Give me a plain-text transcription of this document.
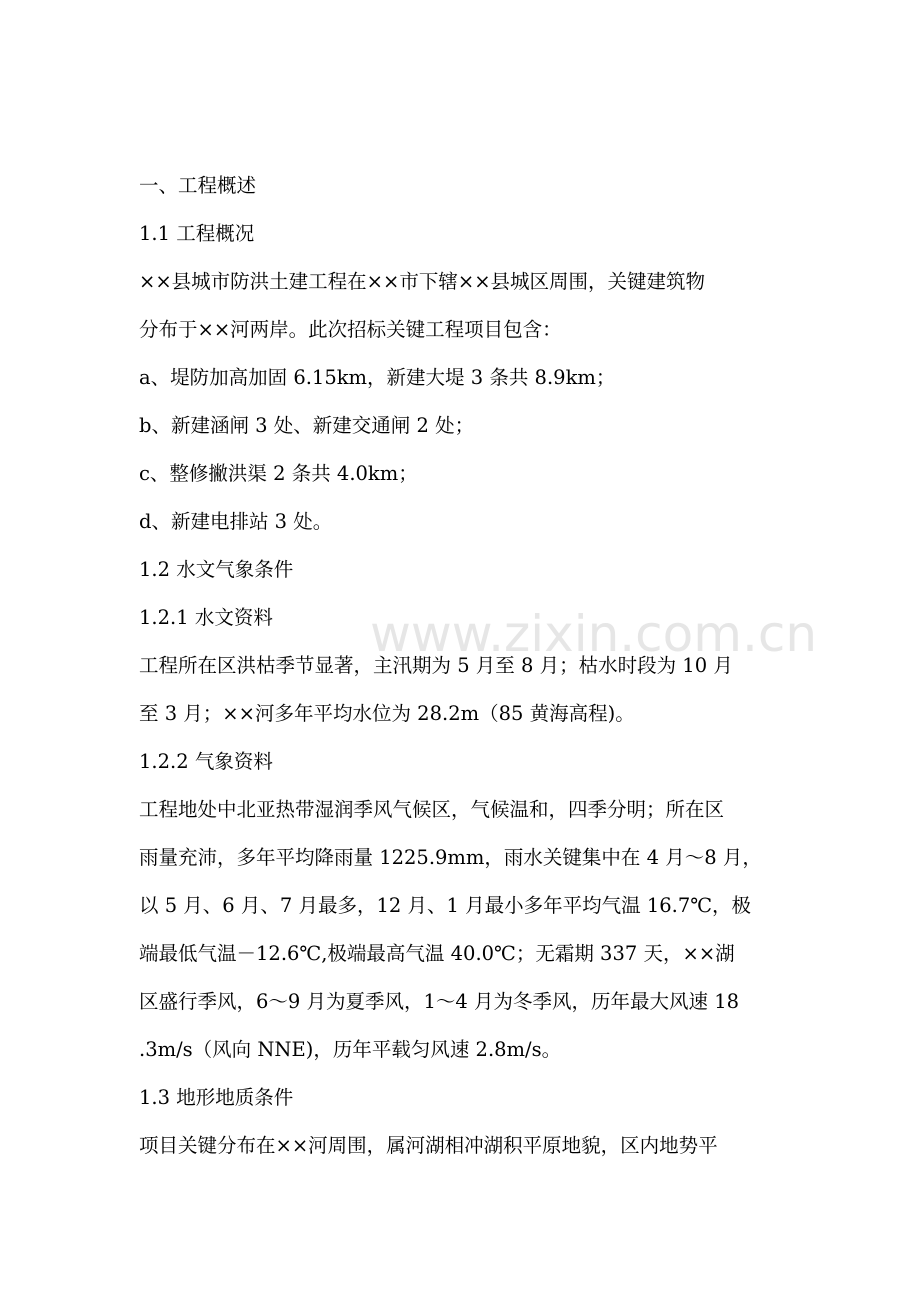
www.zixin.com.cn
一、工程概述
1.1 工程概况
××县城市防洪土建工程在××市下辖××县城区周围，关键建筑物
分布于××河两岸。此次招标关键工程项目包含：
a、堤防加高加固 6.15km，新建大堤 3 条共 8.9km；
b、新建涵闸 3 处、新建交通闸 2 处；
c、整修撇洪渠 2 条共 4.0km；
d、新建电排站 3 处。
1.2 水文气象条件
1.2.1 水文资料
工程所在区洪枯季节显著，主汛期为 5 月至 8 月；枯水时段为 10 月
至 3 月；××河多年平均水位为 28.2m（85 黄海高程)。
1.2.2 气象资料
工程地处中北亚热带湿润季风气候区，气候温和，四季分明；所在区
雨量充沛，多年平均降雨量 1225.9mm，雨水关键集中在 4 月～8 月，
以 5 月、6 月、7 月最多，12 月、1 月最小多年平均气温 16.7℃，极
端最低气温－12.6℃,极端最高气温 40.0℃；无霜期 337 天，××湖
区盛行季风，6～9 月为夏季风，1～4 月为冬季风，历年最大风速 18
.3m/s（风向 NNE)，历年平载匀风速 2.8m/s。
1.3 地形地质条件
项目关键分布在××河周围，属河湖相冲湖积平原地貌，区内地势平
